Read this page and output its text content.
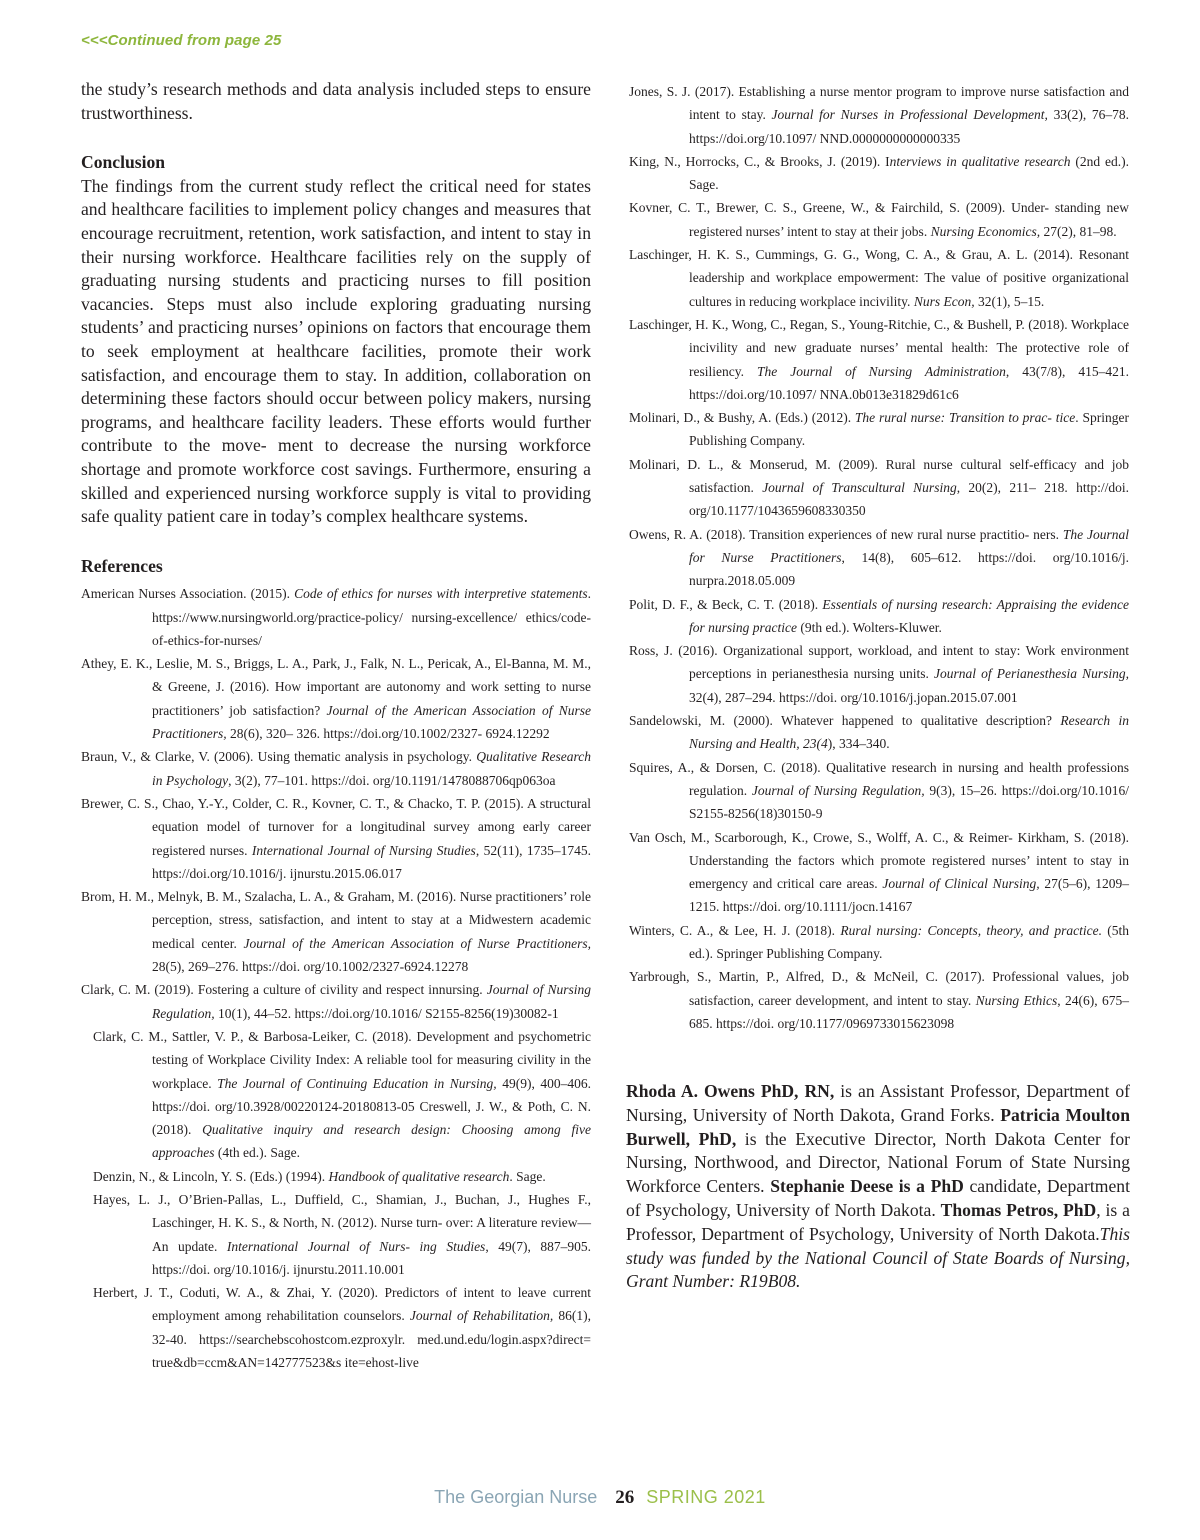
<<<Continued from page 25

the study’s research methods and data analysis included steps to ensure trustworthiness.

Conclusion

The findings from the current study reflect the critical need for states and healthcare facilities to implement policy changes and measures that encourage recruitment, retention, work satisfaction, and intent to stay in their nursing workforce. Healthcare facilities rely on the supply of graduating nursing students and practicing nurses to fill position vacancies. Steps must also include exploring graduating nursing students’ and practicing nurses’ opinions on factors that encourage them to seek employment at healthcare facilities, promote their work satisfaction, and encourage them to stay. In addition, collaboration on determining these factors should occur between policy makers, nursing programs, and healthcare facility leaders. These efforts would further contribute to the move- ment to decrease the nursing workforce shortage and promote workforce cost savings. Furthermore, ensuring a skilled and experienced nursing workforce supply is vital to providing safe quality patient care in today’s complex healthcare systems.

References

American Nurses Association. (2015). Code of ethics for nurses with interpretive statements. https://www.nursingworld.org/practice-policy/ nursing-excellence/ ethics/code-of-ethics-for-nurses/

Athey, E. K., Leslie, M. S., Briggs, L. A., Park, J., Falk, N. L., Pericak, A., El-Banna, M. M., & Greene, J. (2016). How important are autonomy and work setting to nurse practitioners’ job satisfaction? Journal of the American Association of Nurse Practitioners, 28(6), 320– 326. https://doi.org/10.1002/2327- 6924.12292

Braun, V., & Clarke, V. (2006). Using thematic analysis in psychology. Qualitative Research in Psychology, 3(2), 77–101. https://doi. org/10.1191/1478088706qp063oa

Brewer, C. S., Chao, Y.-Y., Colder, C. R., Kovner, C. T., & Chacko, T. P. (2015). A structural equation model of turnover for a longitudinal survey among early career registered nurses. International Journal of Nursing Studies, 52(11), 1735–1745. https://doi.org/10.1016/j. ijnurstu.2015.06.017

Brom, H. M., Melnyk, B. M., Szalacha, L. A., & Graham, M. (2016). Nurse practitioners’ role perception, stress, satisfaction, and intent to stay at a Midwestern academic medical center. Journal of the American Association of Nurse Practitioners, 28(5), 269–276. https://doi. org/10.1002/2327-6924.12278

Clark, C. M. (2019). Fostering a culture of civility and respect innursing. Journal of Nursing Regulation, 10(1), 44–52. https://doi.org/10.1016/ S2155-8256(19)30082-1

Clark, C. M., Sattler, V. P., & Barbosa-Leiker, C. (2018). Development and psychometric testing of Workplace Civility Index: A reliable tool for measuring civility in the workplace. The Journal of Continuing Education in Nursing, 49(9), 400–406. https://doi. org/10.3928/00220124-20180813-05 Creswell, J. W., & Poth, C. N. (2018). Qualitative inquiry and research design: Choosing among five approaches (4th ed.). Sage.

Denzin, N., & Lincoln, Y. S. (Eds.) (1994). Handbook of qualitative research. Sage.

Hayes, L. J., O’Brien-Pallas, L., Duffield, C., Shamian, J., Buchan, J., Hughes F., Laschinger, H. K. S., & North, N. (2012). Nurse turn- over: A literature review—An update. International Journal of Nurs- ing Studies, 49(7), 887–905. https://doi. org/10.1016/j. ijnurstu.2011.10.001

Herbert, J. T., Coduti, W. A., & Zhai, Y. (2020). Predictors of intent to leave current employment among rehabilitation counselors. Journal of Rehabilitation, 86(1), 32-40. https://searchebscohostcom.ezproxylr. med.und.edu/login.aspx?direct= true&db=ccm&AN=142777523&s ite=ehost-live

Jones, S. J. (2017). Establishing a nurse mentor program to improve nurse satisfaction and intent to stay. Journal for Nurses in Professional Development, 33(2), 76–78. https://doi.org/10.1097/ NND.0000000000000335

King, N., Horrocks, C., & Brooks, J. (2019). Interviews in qualitative research (2nd ed.). Sage.

Kovner, C. T., Brewer, C. S., Greene, W., & Fairchild, S. (2009). Under- standing new registered nurses’ intent to stay at their jobs. Nursing Economics, 27(2), 81–98.

Laschinger, H. K. S., Cummings, G. G., Wong, C. A., & Grau, A. L. (2014). Resonant leadership and workplace empowerment: The value of positive organizational cultures in reducing workplace incivility. Nurs Econ, 32(1), 5–15.

Laschinger, H. K., Wong, C., Regan, S., Young-Ritchie, C., & Bushell, P. (2018). Workplace incivility and new graduate nurses’ mental health: The protective role of resiliency. The Journal of Nursing Administration, 43(7/8), 415–421. https://doi.org/10.1097/ NNA.0b013e31829d61c6

Molinari, D., & Bushy, A. (Eds.) (2012). The rural nurse: Transition to prac- tice. Springer Publishing Company.

Molinari, D. L., & Monserud, M. (2009). Rural nurse cultural self-efficacy and job satisfaction. Journal of Transcultural Nursing, 20(2), 211– 218. http://doi. org/10.1177/1043659608330350

Owens, R. A. (2018). Transition experiences of new rural nurse practitio- ners. The Journal for Nurse Practitioners, 14(8), 605–612. https://doi. org/10.1016/j. nurpra.2018.05.009

Polit, D. F., & Beck, C. T. (2018). Essentials of nursing research: Appraising the evidence for nursing practice (9th ed.). Wolters-Kluwer.

Ross, J. (2016). Organizational support, workload, and intent to stay: Work environment perceptions in perianesthesia nursing units. Journal of Perianesthesia Nursing, 32(4), 287–294. https://doi. org/10.1016/j.jopan.2015.07.001

Sandelowski, M. (2000). Whatever happened to qualitative description? Research in Nursing and Health, 23(4), 334–340.

Squires, A., & Dorsen, C. (2018). Qualitative research in nursing and health professions regulation. Journal of Nursing Regulation, 9(3), 15–26. https://doi.org/10.1016/ S2155-8256(18)30150-9

Van Osch, M., Scarborough, K., Crowe, S., Wolff, A. C., & Reimer- Kirkham, S. (2018). Understanding the factors which promote registered nurses’ intent to stay in emergency and critical care areas. Journal of Clinical Nursing, 27(5–6), 1209–1215. https://doi. org/10.1111/jocn.14167

Winters, C. A., & Lee, H. J. (2018). Rural nursing: Concepts, theory, and practice. (5th ed.). Springer Publishing Company.

Yarbrough, S., Martin, P., Alfred, D., & McNeil, C. (2017). Professional values, job satisfaction, career development, and intent to stay. Nursing Ethics, 24(6), 675–685. https://doi. org/10.1177/0969733015623098

Rhoda A. Owens PhD, RN, is an Assistant Professor, Department of Nursing, University of North Dakota, Grand Forks. Patricia Moulton Burwell, PhD, is the Executive Director, North Dakota Center for Nursing, Northwood, and Director, National Forum of State Nursing Workforce Centers. Stephanie Deese is a PhD candidate, Department of Psychology, University of North Dakota. Thomas Petros, PhD, is a Professor, Department of Psychology, University of North Dakota.This study was funded by the National Council of State Boards of Nursing, Grant Number: R19B08.

The Georgian Nurse 26 SPRING 2021
